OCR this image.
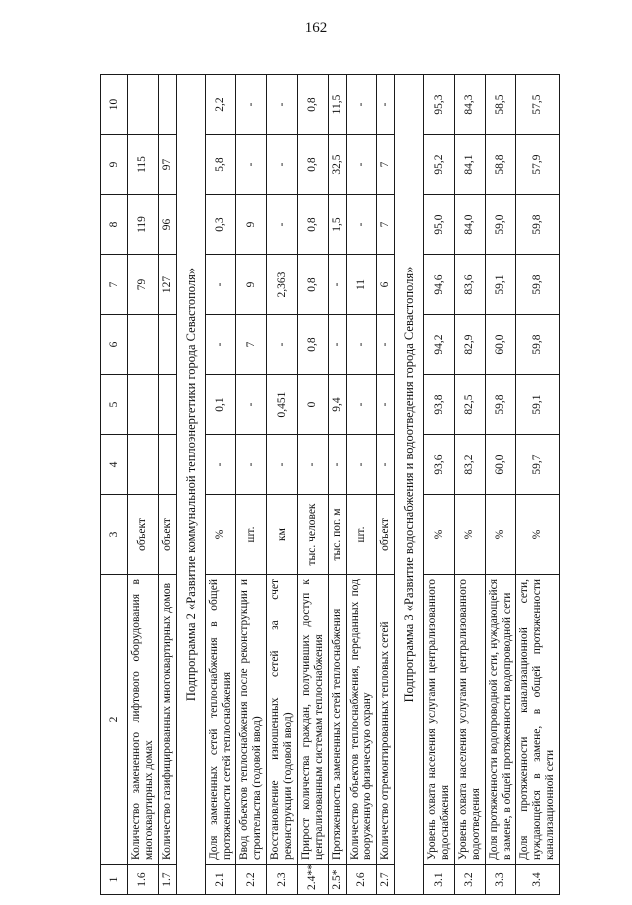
162
1	2	3	4	5	6	7	8	9	10
1.6	Количество замененного лифтового оборудования в многоквартирных домах	объект				79	119	115	
1.7	Количество газифицированных многоквартирных домов	объект				127	96	97	
Подпрограмма 2 «Развитие коммунальной теплоэнергетики города Севастополя»									
2.1	Доля замененных сетей теплоснабжения в общей протяженности сетей теплоснабжения	%	-	0,1	-	-	0,3	5,8	2,2
2.2	Ввод объектов теплоснабжения после реконструкции и строительства (годовой ввод)	шт.	-	-	7	9	9	-	-
2.3	Восстановление изношенных сетей за счет реконструкции (годовой ввод)	км	-	0,451	-	2,363	-	-	-
2.4**	Прирост количества граждан, получивших доступ к централизованным системам теплоснабжения	тыс. человек	-	0	0,8	0,8	0,8	0,8	0,8
2.5*	Протяженность замененных сетей теплоснабжения	тыс. пог. м	-	9,4	-	-	1,5	32,5	11,5
2.6	Количество объектов теплоснабжения, переданных под вооруженную физическую охрану	шт.	-	-	-	11	-	-	-
2.7	Количество отремонтированных тепловых сетей	объект	-	-	-	6	7	7	-
Подпрограмма 3 «Развитие водоснабжения и водоотведения города Севастополя»									
3.1	Уровень охвата населения услугами централизованного водоснабжения	%	93,6	93,8	94,2	94,6	95,0	95,2	95,3
3.2	Уровень охвата населения услугами централизованного водоотведения	%	83,2	82,5	82,9	83,6	84,0	84,1	84,3
3.3	Доля протяженности водопроводной сети, нуждающейся в замене, в общей протяженности водопроводной сети	%	60,0	59,8	60,0	59,1	59,0	58,8	58,5
3.4	Доля протяженности канализационной сети, нуждающейся в замене, в общей протяженности канализационной сети	%	59,7	59,1	59,8	59,8	59,8	57,9	57,5
